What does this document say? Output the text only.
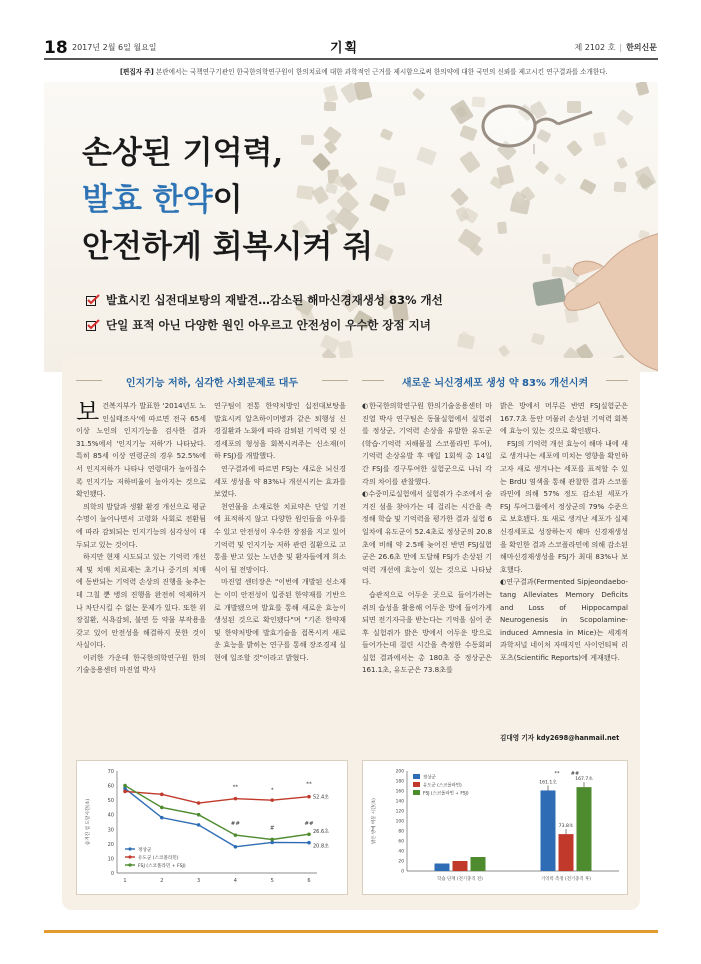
18 2017년 2월 6일 월요일	기획	제 2102 호 | 한의신문
[편집자 주] 본란에서는 국책연구기관인 한국한의학연구원이 한의치료에 대한 과학적인 근거를 제시함으로써 한의약에 대한 국민의 신뢰를 제고시킨 연구결과를 소개한다.
손상된 기억력,
발효 한약이
안전하게 회복시켜 줘
발효시킨 십전대보탕의 재발견…감소된 해마신경재생성 83% 개선
단일 표적 아닌 다양한 원인 아우르고 안전성이 우수한 장점 지녀
인지기능 저하, 심각한 사회문제로 대두	새로운 뇌신경세포 생성 약 83% 개선시켜

보건복지부가 발표한 '2014년도 노인실태조사'에 따르면 전국 65세 이상 노인의 인지기능을 검사한 결과 31.5%에서 '인지기능 저하'가 나타났다. 특히 85세 이상 연령군의 경우 52.5%에서 인지저하가 나타나 연령대가 높아질수록 인지기능 저하비율이 높아지는 것으로 확인됐다.

의학의 발달과 생활 환경 개선으로 평균수명이 늘어나면서 고령화 사회로 전환됨에 따라 감퇴되는 인지기능의 심각성이 대두되고 있는 것이다.

하지만 현재 시도되고 있는 기억력 개선제 및 치매 치료제는 초기나 중기의 치매에 동반되는 기억력 손상의 진행을 늦추는 데 그칠 뿐 병의 진행을 완전히 억제하거나 차단시킬 수 없는 문제가 있다. 또한 위장질환, 식욕감퇴, 불면 등 약물 부작용을 갖고 있어 안전성을 해결하지 못한 것이 사실이다.

이러한 가운데 한국한의학연구원 한의기술응용센터 마진열 박사

연구팀이 전통 한약처방인 십전대보탕을 발효시켜 알츠하이머병과 같은 퇴행성 신경질환과 노화에 따라 감퇴된 기억력 및 신경세포의 형성을 회복시켜주는 신소재(이하 FSJ)를 개발했다.

연구결과에 따르면 FSJ는 새로운 뇌신경세포 생성을 약 83%나 개선시키는 효과를 보였다.

천연물을 소재로한 치료약은 단일 기전에 표적하지 않고 다양한 원인들을 아우를 수 있고 안전성이 우수한 장점을 지고 있어 기억력 및 인지기능 저하 관련 질환으로 고통을 받고 있는 노년층 및 환자들에게 희소식이 될 전망이다.

마진열 센터장은 "이번에 개발된 신소재는 이미 안전성이 입증된 한약재를 기반으로 개발됐으며 발효를 통해 새로운 효능이 생성된 것으로 확인됐다"며 "기존 한약재 및 한약처방에 발효기술을 접목시켜 새로운 효능을 밝히는 연구를 통해 장조경제 실현에 일조할 것"이라고 밝혔다.

◐한국한의학연구원 한의기술응용센터 마진열 박사 연구팀은 동물실험에서 실험쥐를 정상군, 기억력 손상을 유발한 유도군(학습·기억력 저해물질 스코폴라민 투여), 기억력 손상유발 후 매일 1회씩 총 14일 간 FSJ를 경구투여한 실험군으로 나눠 각각의 차이를 관찰했다.

◐수중미로실험에서 실험쥐가 수조에서 숨겨진 섬을 찾아가는 데 걸리는 시간을 측정해 학습 및 기억력을 평가한 결과 실험 6일차에 유도군이 52.4초로 정상군의 20.8초에 비해 약 2.5배 늦어진 반면 FSJ실험군은 26.6초 만에 도달해 FSJ가 손상된 기억력 개선에 효능이 있는 것으로 나타났다.

습관적으로 어두운 곳으로 들어가려는 쥐의 습성을 활용해 어두운 방에 들어가게 되면 전기자극을 받는다는 기억을 심어 준 후 실험쥐가 밝은 방에서 어두운 방으로 들어가는데 걸린 시간을 측정한 수동회피 실험 결과에서는 총 180초 중 정상군은 161.1초, 유도군은 73.8초를

밝은 방에서 머무른 반면 FSJ실험군은 167.7초 동안 머물러 손상된 기억력 회복에 효능이 있는 것으로 확인됐다.

FSJ의 기억력 개선 효능이 해마 내에 새로 생겨나는 세포에 미치는 영향을 확인하고자 새로 생겨나는 세포를 표적할 수 있는 BrdU 염색을 통해 관찰한 결과 스코폴라민에 의해 57% 정도 감소된 세포가 FSJ 투여그룹에서 정상군의 79% 수준으로 보호됐다. 또 새로 생겨난 세포가 실제 신경세포로 성장하는지 해마 신경재생성을 확인한 결과 스코폴라민에 의해 감소된 해마신경재생성을 FSJ가 최대 83%나 보호했다.

◐연구결과(Fermented Sipjeondaebo-tang Alleviates Memory Deficits and Loss of Hippocampal Neurogenesis in Scopolamine-induced Amnesia in Mice)는 세계적 과학저널 네이처 자매지인 사이언티픽 리포츠(Scientific Reports)에 게재됐다.

김대영 기자 kdy2698@hanmail.net
0
10
20
30
40
50
60
70
1	2	3	4	5	6
숨겨진 섬 도달시간(초)
20.8초
52.4초
26.6초
**	*
**
##
#
##
정상군
유도군 (스코폴라민)
FSJ (스코폴라민 + FSJ)
0
20
40
60
80
100
120
140
160
180
200
밝은 방에 머문 시간(초)
학습 단계 (전기충격 전)
161.1초
73.8초
167.7초
기억력 측정 (전기충격 후)
** ##
정상군
유도군 (스코폴라민)
FSJ (스코폴라민 + FSJ)
